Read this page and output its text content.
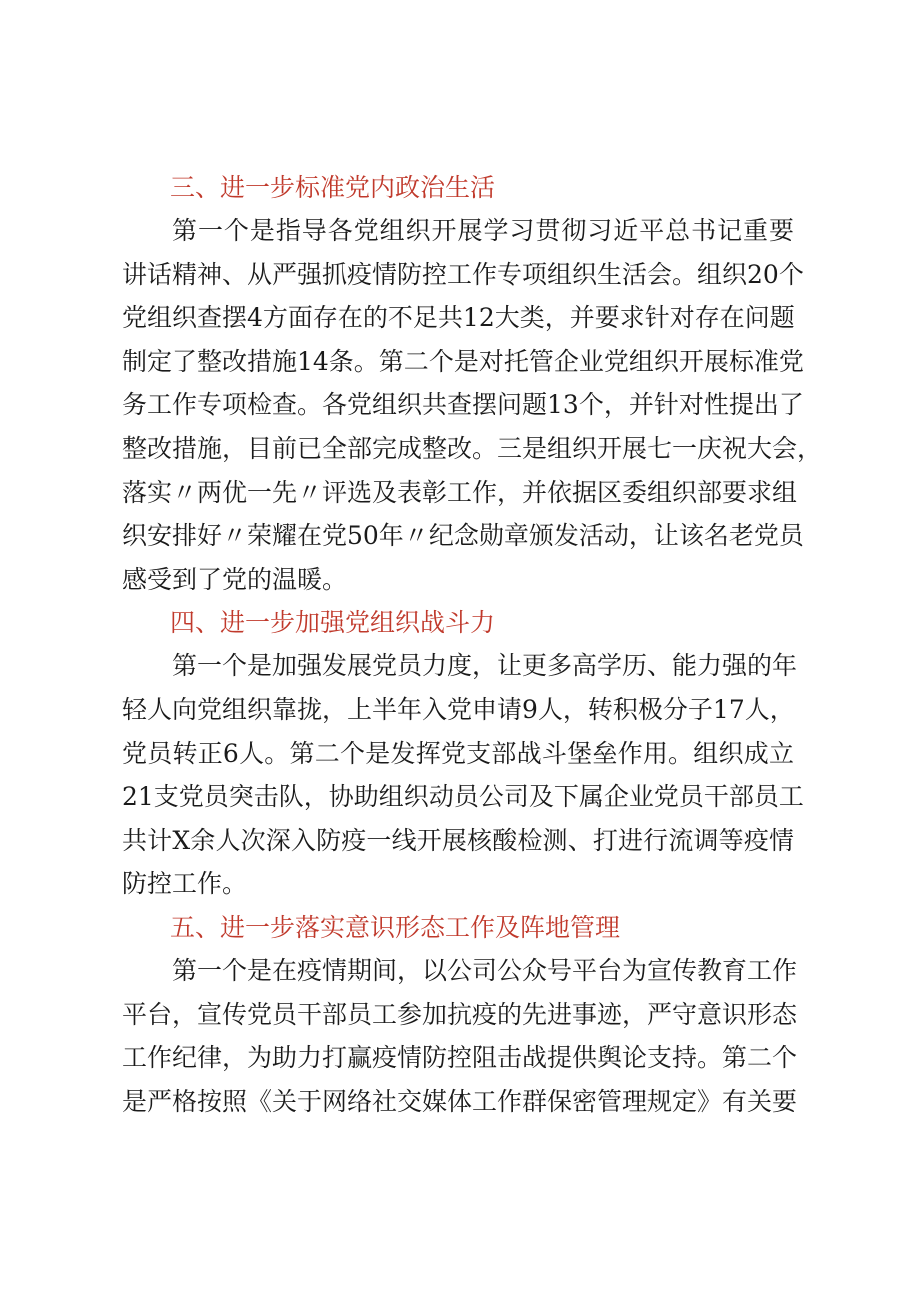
三、进一步标准党内政治生活

第一个是指导各党组织开展学习贯彻习近平总书记重要
讲话精神、从严强抓疫情防控工作专项组织生活会。组织20个
党组织查摆4方面存在的不足共12大类，并要求针对存在问题
制定了整改措施14条。第二个是对托管企业党组织开展标准党
务工作专项检查。各党组织共查摆问题13个，并针对性提出了
整改措施，目前已全部完成整改。三是组织开展七一庆祝大会，
落实〃两优一先〃评选及表彰工作，并依据区委组织部要求组
织安排好〃荣耀在党50年〃纪念勋章颁发活动，让该名老党员
感受到了党的温暖。

四、进一步加强党组织战斗力

第一个是加强发展党员力度，让更多高学历、能力强的年
轻人向党组织靠拢，上半年入党申请9人，转积极分子17人，
党员转正6人。第二个是发挥党支部战斗堡垒作用。组织成立
21支党员突击队，协助组织动员公司及下属企业党员干部员工
共计X余人次深入防疫一线开展核酸检测、打进行流调等疫情
防控工作。

五、进一步落实意识形态工作及阵地管理

第一个是在疫情期间，以公司公众号平台为宣传教育工作
平台，宣传党员干部员工参加抗疫的先进事迹，严守意识形态
工作纪律，为助力打赢疫情防控阻击战提供舆论支持。第二个
是严格按照《关于网络社交媒体工作群保密管理规定》有关要
